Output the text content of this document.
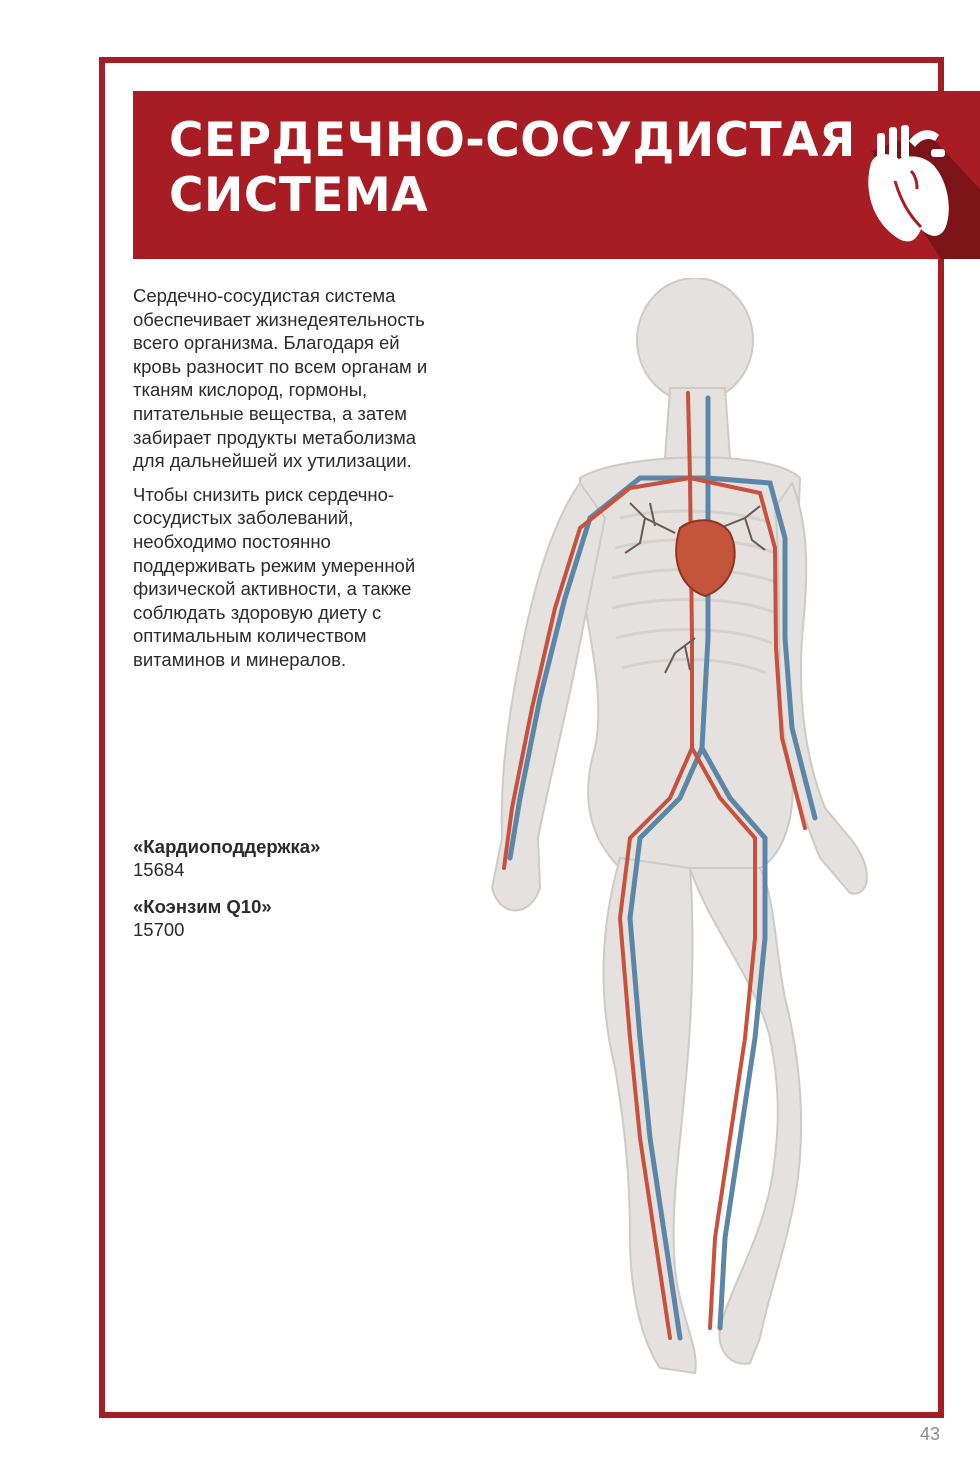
СЕРДЕЧНО-СОСУДИСТАЯ
СИСТЕМА

Сердечно-сосудистая система обеспечивает жизнедеятельность всего организма. Благодаря ей кровь разносит по всем органам и тканям кислород, гормоны, питательные вещества, а затем забирает продукты метаболизма для дальнейшей их утилизации.

Чтобы снизить риск сердечно-сосудистых заболеваний, необходимо постоянно поддерживать режим умеренной физической активности, а также соблюдать здоровую диету с оптимальным количеством витаминов и минералов.

«Кардиоподдержка»
15684
«Коэнзим Q10»
15700
43
